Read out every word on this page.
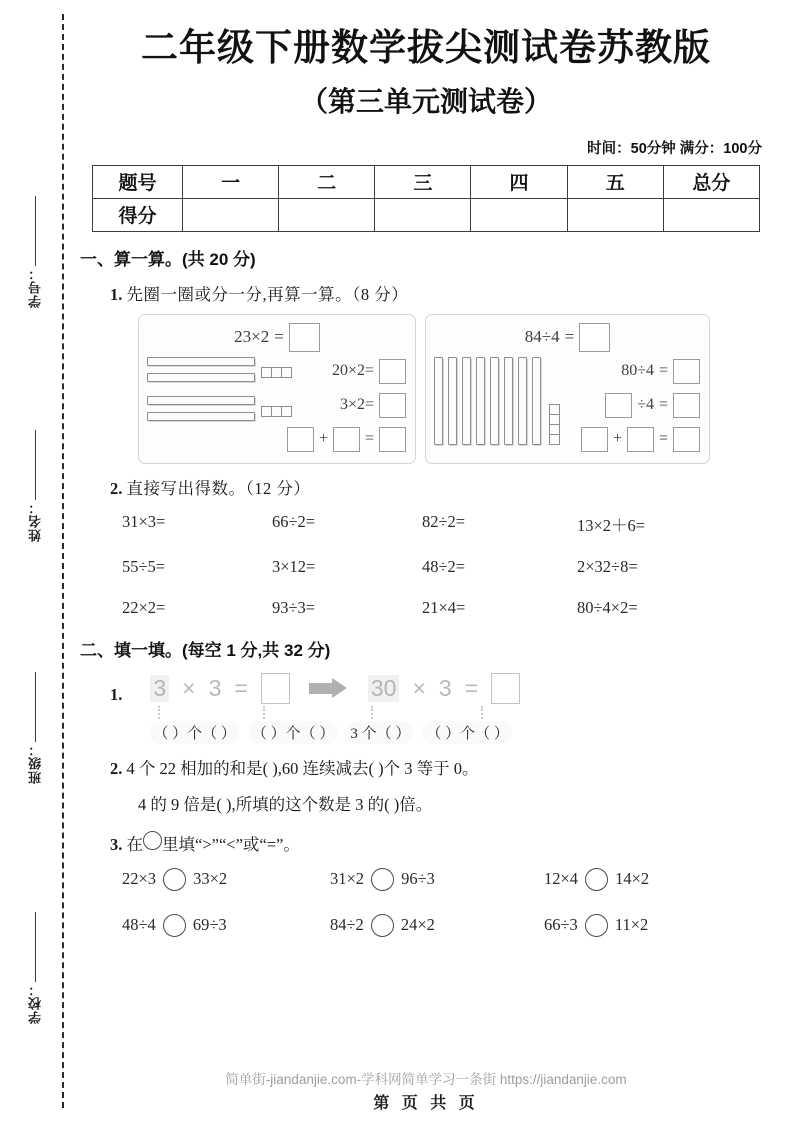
学号：
姓名：
班级：
学校：
二年级下册数学拔尖测试卷苏教版
（第三单元测试卷）
时间：50分钟 满分：100分
题号	一	二	三	四	五	总分
得分						
一、算一算。(共 20 分)
1. 先圈一圈或分一分,再算一算。（8 分）
23×2 =
20×2=
3×2=
+ =
84÷4 =
80÷4 =
÷4 =
+ =
2. 直接写出得数。（12 分）
31×3=	66÷2=	82÷2=	13×2＋6=
55÷5=	3×12=	48÷2=	2×32÷8=
22×2=	93÷3=	21×4=	80÷4×2=
二、填一填。(每空 1 分,共 32 分)
1. 3 × 3 =	30 × 3 =
（ ）个（ ） （ ）个（ ） 3 个（ ） （ ）个（ ）
2. 4 个 22 相加的和是( ),60 连续减去( )个 3 等于 0。
4 的 9 倍是( ),所填的这个数是 3 的( )倍。
3. 在 里填“>”“<”或“=”。
22×3 33×2	31×2 96÷3	12×4 14×2
48÷4 69÷3	84÷2 24×2	66÷3 11×2
简单街-jiandanjie.com-学科网简单学习一条街 https://jiandanjie.com
第 页 共 页
